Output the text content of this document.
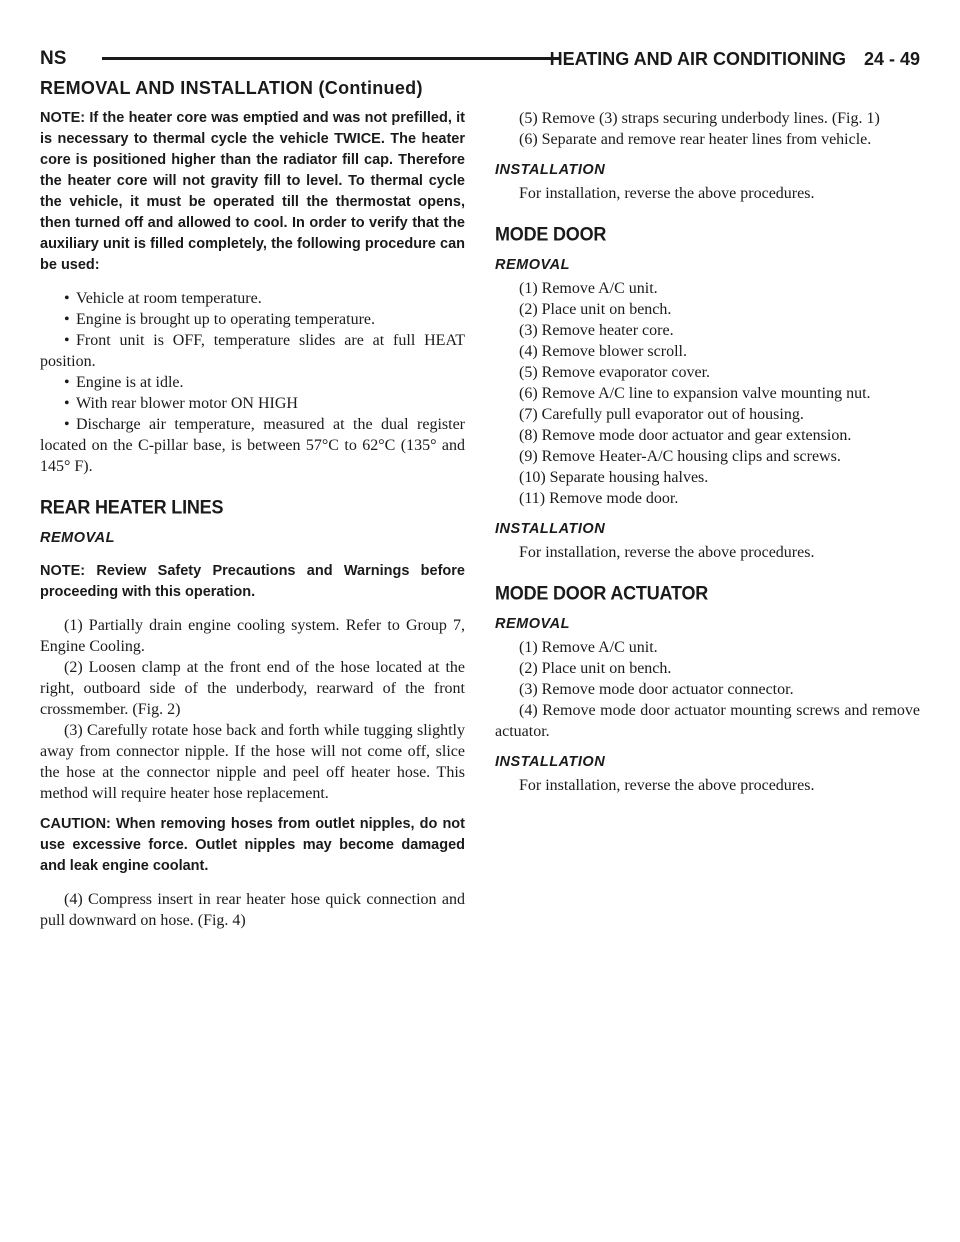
NS	HEATING AND AIR CONDITIONING 24 - 49
REMOVAL AND INSTALLATION (Continued)

NOTE: If the heater core was emptied and was not prefilled, it is necessary to thermal cycle the vehicle TWICE. The heater core is positioned higher than the radiator fill cap. Therefore the heater core will not gravity fill to level. To thermal cycle the vehicle, it must be operated till the thermostat opens, then turned off and allowed to cool. In order to verify that the auxiliary unit is filled completely, the following procedure can be used:

• Vehicle at room temperature.

• Engine is brought up to operating temperature.

• Front unit is OFF, temperature slides are at full HEAT position.

• Engine is at idle.

• With rear blower motor ON HIGH

• Discharge air temperature, measured at the dual register located on the C-pillar base, is between 57°C to 62°C (135° and 145° F).

REAR HEATER LINES
REMOVAL

NOTE: Review Safety Precautions and Warnings before proceeding with this operation.

(1) Partially drain engine cooling system. Refer to Group 7, Engine Cooling.

(2) Loosen clamp at the front end of the hose located at the right, outboard side of the underbody, rearward of the front crossmember. (Fig. 2)

(3) Carefully rotate hose back and forth while tugging slightly away from connector nipple. If the hose will not come off, slice the hose at the connector nipple and peel off heater hose. This method will require heater hose replacement.

CAUTION: When removing hoses from outlet nipples, do not use excessive force. Outlet nipples may become damaged and leak engine coolant.

(4) Compress insert in rear heater hose quick connection and pull downward on hose. (Fig. 4)

(5) Remove (3) straps securing underbody lines. (Fig. 1)

(6) Separate and remove rear heater lines from vehicle.

INSTALLATION

For installation, reverse the above procedures.

MODE DOOR
REMOVAL

(1) Remove A/C unit.

(2) Place unit on bench.

(3) Remove heater core.

(4) Remove blower scroll.

(5) Remove evaporator cover.

(6) Remove A/C line to expansion valve mounting nut.

(7) Carefully pull evaporator out of housing.

(8) Remove mode door actuator and gear extension.

(9) Remove Heater-A/C housing clips and screws.

(10) Separate housing halves.

(11) Remove mode door.

INSTALLATION

For installation, reverse the above procedures.

MODE DOOR ACTUATOR
REMOVAL

(1) Remove A/C unit.

(2) Place unit on bench.

(3) Remove mode door actuator connector.

(4) Remove mode door actuator mounting screws and remove actuator.

INSTALLATION

For installation, reverse the above procedures.
